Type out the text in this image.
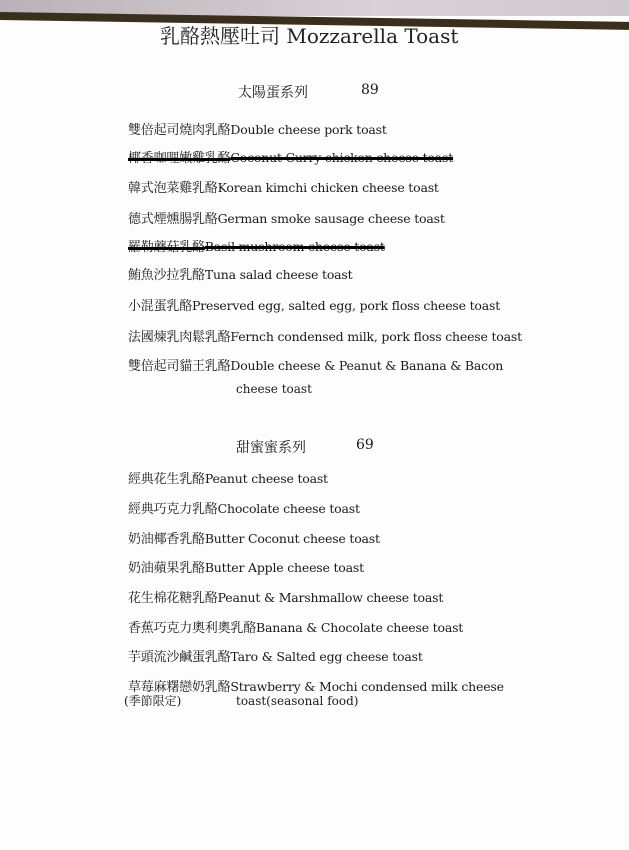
乳酪熱壓吐司 Mozzarella Toast
太陽蛋系列	89
雙倍起司燒肉乳酪Double cheese pork toast
椰香咖哩嫩雞乳酪Coconut Curry chicken cheese toast
韓式泡菜雞乳酪Korean kimchi chicken cheese toast
德式煙燻腸乳酪German smoke sausage cheese toast
羅勒蘑菇乳酪Basil mushroom cheese toast
鮪魚沙拉乳酪Tuna salad cheese toast
小混蛋乳酪Preserved egg, salted egg, pork floss cheese toast
法國煉乳肉鬆乳酪Fernch condensed milk, pork floss cheese toast
雙倍起司貓王乳酪Double cheese & Peanut & Banana & Bacon
cheese toast
甜蜜蜜系列	69
經典花生乳酪Peanut cheese toast
經典巧克力乳酪Chocolate cheese toast
奶油椰香乳酪Butter Coconut cheese toast
奶油蘋果乳酪Butter Apple cheese toast
花生棉花糖乳酪Peanut & Marshmallow cheese toast
香蕉巧克力奧利奧乳酪Banana & Chocolate cheese toast
芋頭流沙鹹蛋乳酪Taro & Salted egg cheese toast
草莓麻糬戀奶乳酪Strawberry & Mochi condensed milk cheese
toast(seasonal food)
(季節限定)
